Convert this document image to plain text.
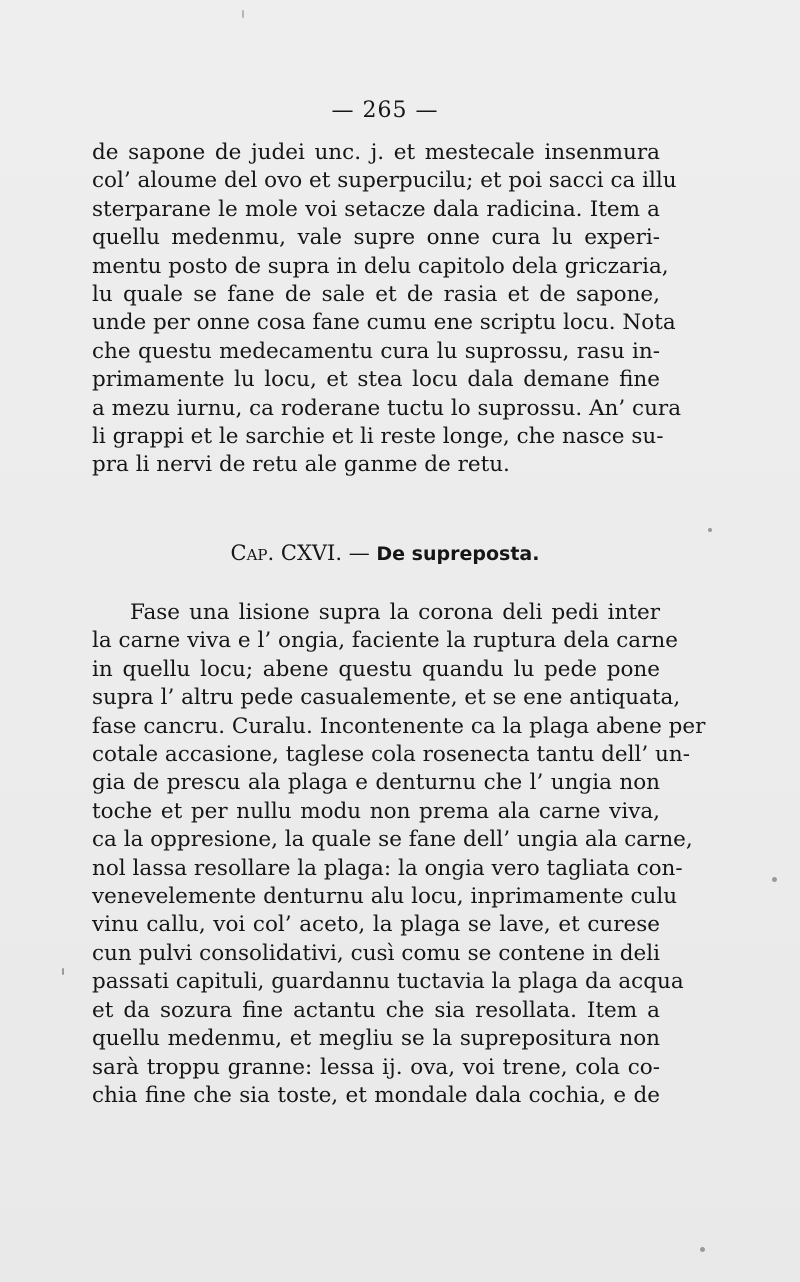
— 265 —
de sapone de judei unc. j. et mestecale insenmura
col’ aloume del ovo et superpucilu; et poi sacci ca illu
sterparane le mole voi setacze dala radicina. Item a
quellu medenmu, vale supre onne cura lu experi-
mentu posto de supra in delu capitolo dela griczaria,
lu quale se fane de sale et de rasia et de sapone,
unde per onne cosa fane cumu ene scriptu locu. Nota
che questu medecamentu cura lu suprossu, rasu in-
primamente lu locu, et stea locu dala demane fine
a mezu iurnu, ca roderane tuctu lo suprossu. An’ cura
li grappi et le sarchie et li reste longe, che nasce su-
pra li nervi de retu ale ganme de retu.
Cap. CXVI. — De supreposta.
Fase una lisione supra la corona deli pedi inter
la carne viva e l’ ongia, faciente la ruptura dela carne
in quellu locu; abene questu quandu lu pede pone
supra l’ altru pede casualemente, et se ene antiquata,
fase cancru. Curalu. Incontenente ca la plaga abene per
cotale accasione, taglese cola rosenecta tantu dell’ un-
gia de prescu ala plaga e denturnu che l’ ungia non
toche et per nullu modu non prema ala carne viva,
ca la oppresione, la quale se fane dell’ ungia ala carne,
nol lassa resollare la plaga: la ongia vero tagliata con-
venevelemente denturnu alu locu, inprimamente culu
vinu callu, voi col’ aceto, la plaga se lave, et curese
cun pulvi consolidativi, cusì comu se contene in deli
passati capituli, guardannu tuctavia la plaga da acqua
et da sozura fine actantu che sia resollata. Item a
quellu medenmu, et megliu se la suprepositura non
sarà troppu granne: lessa ij. ova, voi trene, cola co-
chia fine che sia toste, et mondale dala cochia, e de
